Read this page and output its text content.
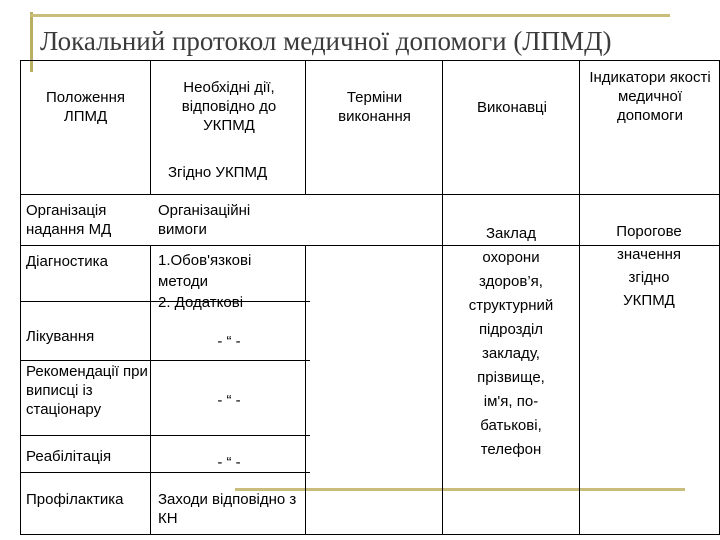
Локальний протокол медичної допомоги (ЛПМД)
Положення ЛПМД
Необхідні дії, відповідно до УКПМД
Терміни виконання
Виконавці
Індикатори якості медичної допомоги
Згідно УКПМД
Організація надання МД
Діагностика
Лікування
Рекомендації при виписці із стаціонару
Реабілітація
Профілактика
Організаційні вимоги
1.Обов'язкові методи
2. Додаткові
- “ -
- “ -
- “ -
Заходи відповідно з КН
Заклад
охорони
здоров’я,
структурний
підрозділ
закладу,
прізвище,
ім'я, по-
батькові,
телефон
Порогове
значення
згідно
УКПМД
